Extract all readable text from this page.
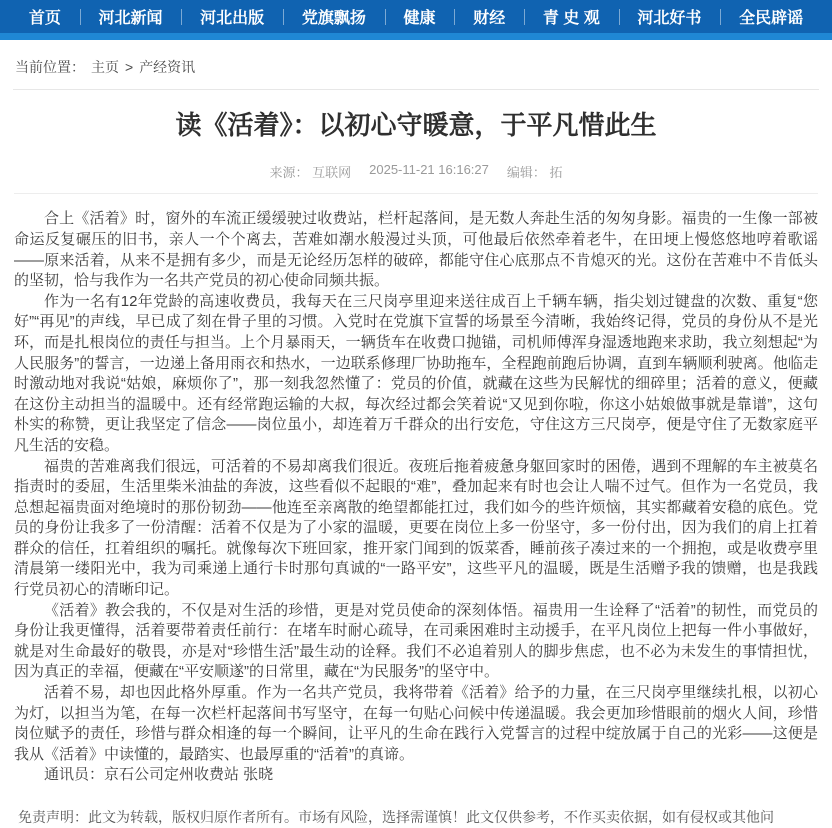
首页	河北新闻	河北出版	党旗飘扬	健康	财经	青 史 观	河北好书	全民辟谣
当前位置： 主页 > 产经资讯
读《活着》：以初心守暖意，于平凡惜此生
来源： 互联网 2025-11-21 16:16:27 编辑： 拓

合上《活着》时，窗外的车流正缓缓驶过收费站，栏杆起落间，是无数人奔赴生活的匆匆身影。福贵的一生像一部被命运反复碾压的旧书，亲人一个个离去，苦难如潮水般漫过头顶，可他最后依然牵着老牛，在田埂上慢悠悠地哼着歌谣——原来活着，从来不是拥有多少，而是无论经历怎样的破碎，都能守住心底那点不肯熄灭的光。这份在苦难中不肯低头的坚韧，恰与我作为一名共产党员的初心使命同频共振。

作为一名有12年党龄的高速收费员，我每天在三尺岗亭里迎来送往成百上千辆车辆，指尖划过键盘的次数、重复“您好”“再见”的声线，早已成了刻在骨子里的习惯。入党时在党旗下宣誓的场景至今清晰，我始终记得，党员的身份从不是光环，而是扎根岗位的责任与担当。上个月暴雨天，一辆货车在收费口抛锚，司机师傅浑身湿透地跑来求助，我立刻想起“为人民服务”的誓言，一边递上备用雨衣和热水，一边联系修理厂协助拖车，全程跑前跑后协调，直到车辆顺利驶离。他临走时激动地对我说“姑娘，麻烦你了”，那一刻我忽然懂了：党员的价值，就藏在这些为民解忧的细碎里；活着的意义，便藏在这份主动担当的温暖中。还有经常跑运输的大叔，每次经过都会笑着说“又见到你啦，你这小姑娘做事就是靠谱”，这句朴实的称赞，更让我坚定了信念——岗位虽小，却连着万千群众的出行安危，守住这方三尺岗亭，便是守住了无数家庭平凡生活的安稳。

福贵的苦难离我们很远，可活着的不易却离我们很近。夜班后拖着疲惫身躯回家时的困倦，遇到不理解的车主被莫名指责时的委屈，生活里柴米油盐的奔波，这些看似不起眼的“难”，叠加起来有时也会让人喘不过气。但作为一名党员，我总想起福贵面对绝境时的那份韧劲——他连至亲离散的绝望都能扛过，我们如今的些许烦恼，其实都藏着安稳的底色。党员的身份让我多了一份清醒：活着不仅是为了小家的温暖，更要在岗位上多一份坚守，多一份付出，因为我们的肩上扛着群众的信任，扛着组织的嘱托。就像每次下班回家，推开家门闻到的饭菜香，睡前孩子凑过来的一个拥抱，或是收费亭里清晨第一缕阳光中，我为司乘递上通行卡时那句真诚的“一路平安”，这些平凡的温暖，既是生活赠予我的馈赠，也是我践行党员初心的清晰印记。

《活着》教会我的，不仅是对生活的珍惜，更是对党员使命的深刻体悟。福贵用一生诠释了“活着”的韧性，而党员的身份让我更懂得，活着要带着责任前行：在堵车时耐心疏导，在司乘困难时主动援手，在平凡岗位上把每一件小事做好，就是对生命最好的敬畏，亦是对“珍惜生活”最生动的诠释。我们不必追着别人的脚步焦虑，也不必为未发生的事情担忧，因为真正的幸福，便藏在“平安顺遂”的日常里，藏在“为民服务”的坚守中。

活着不易，却也因此格外厚重。作为一名共产党员，我将带着《活着》给予的力量，在三尺岗亭里继续扎根，以初心为灯，以担当为笔，在每一次栏杆起落间书写坚守，在每一句贴心问候中传递温暖。我会更加珍惜眼前的烟火人间，珍惜岗位赋予的责任，珍惜与群众相逢的每一个瞬间，让平凡的生命在践行入党誓言的过程中绽放属于自己的光彩——这便是我从《活着》中读懂的，最踏实、也最厚重的“活着”的真谛。

通讯员：京石公司定州收费站 张晓

免责声明：此文为转载，版权归原作者所有。市场有风险，选择需谨慎！此文仅供参考，不作买卖依据，如有侵权或其他问
